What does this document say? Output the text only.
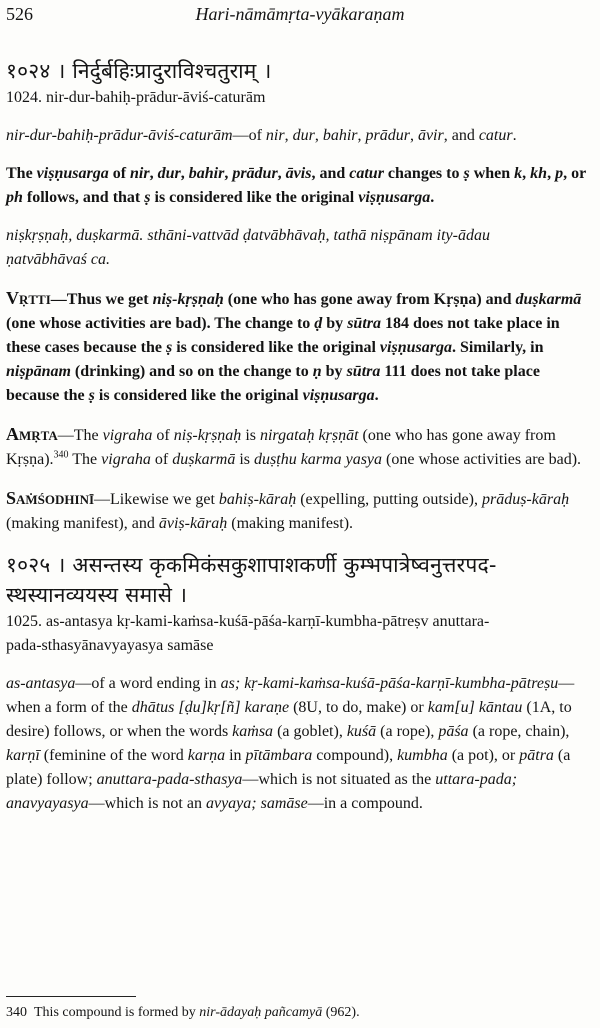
526	Hari-nāmāmṛta-vyākaraṇam

१०२४ । निर्दुर्बहिःप्रादुराविश्चतुराम् ।

1024. nir-dur-bahiḥ-prādur-āviś-caturām

nir-dur-bahiḥ-prādur-āviś-caturām—of nir, dur, bahir, prādur, āvir, and catur.

The viṣṇusarga of nir, dur, bahir, prādur, āvis, and catur changes to ṣ when k, kh, p, or ph follows, and that ṣ is considered like the original viṣṇusarga.

niṣkṛṣṇaḥ, duṣkarmā. sthāni-vattvād ḍatvābhāvaḥ, tathā niṣpānam ity-ādau
ṇatvābhāvaś ca.

Vṛtti—Thus we get niṣ-kṛṣṇaḥ (one who has gone away from Kṛṣṇa) and duṣkarmā (one whose activities are bad). The change to ḍ by sūtra 184 does not take place in these cases because the ṣ is considered like the original viṣṇusarga. Similarly, in niṣpānam (drinking) and so on the change to ṇ by sūtra 111 does not take place because the ṣ is considered like the original viṣṇusarga.

Amṛta—The vigraha of niṣ-kṛṣṇaḥ is nirgataḥ kṛṣṇāt (one who has gone away from Kṛṣṇa).$^{340}$ The vigraha of duṣkarmā is duṣṭhu karma yasya (one whose activities are bad).

Saṁśodhinī—Likewise we get bahiṣ-kāraḥ (expelling, putting outside), prāduṣ-kāraḥ (making manifest), and āviṣ-kāraḥ (making manifest).

१०२५ । असन्तस्य कृकमिकंसकुशापाशकर्णी कुम्भपात्रेष्वनुत्तरपद-
स्थस्यानव्ययस्य समासे ।

1025. as-antasya kṛ-kami-kaṁsa-kuśā-pāśa-karṇī-kumbha-pātreṣv anuttara-
pada-sthasyānavyayasya samāse

as-antasya—of a word ending in as; kṛ-kami-kaṁsa-kuśā-pāśa-karṇī-kumbha-pātreṣu—when a form of the dhātus [ḍu]kṛ[ñ] karaṇe (8U, to do, make) or kam[u] kāntau (1A, to desire) follows, or when the words kaṁsa (a goblet), kuśā (a rope), pāśa (a rope, chain), karṇī (feminine of the word karṇa in pītāmbara compound), kumbha (a pot), or pātra (a plate) follow; anuttara-pada-sthasya—which is not situated as the uttara-pada; anavyayasya—which is not an avyaya; samāse—in a compound.

340 This compound is formed by nir-ādayaḥ pañcamyā (962).
